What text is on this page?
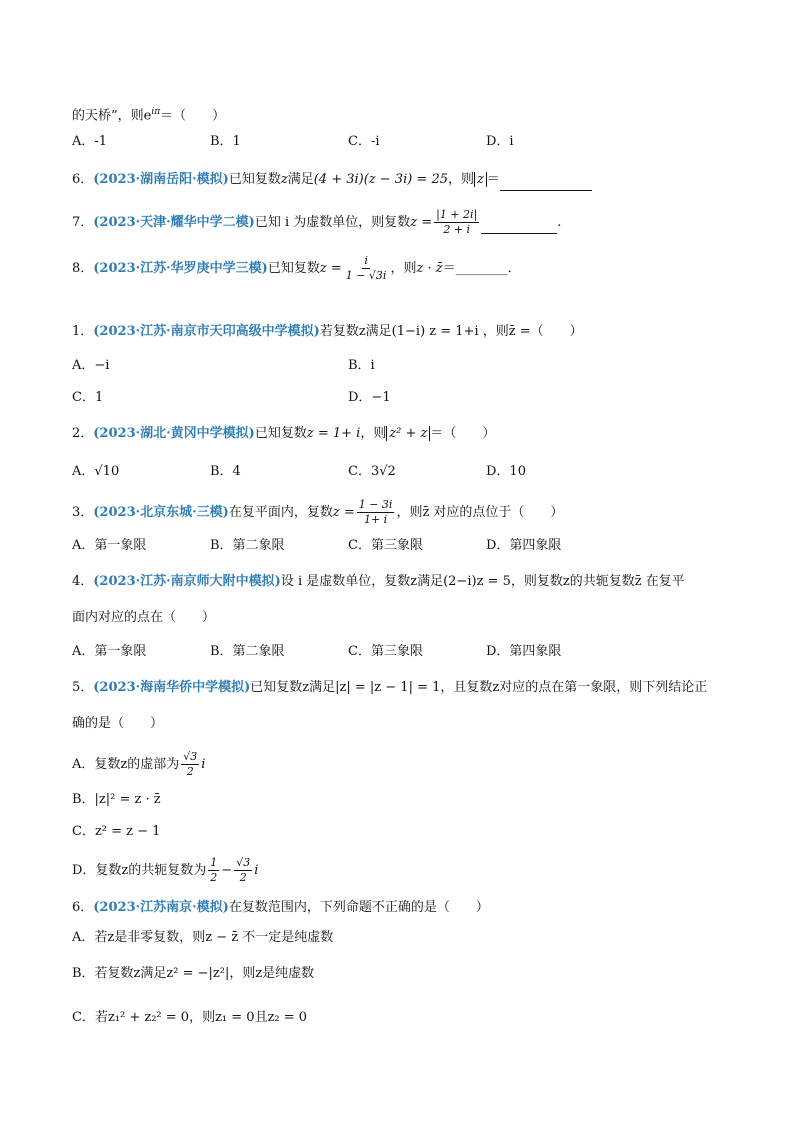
的天桥”，则$e^{i\pi}=$（　　）
A．-1	B．1	C．-i	D．i
6．(2023·湖南岳阳·模拟)已知复数z满足(4 + 3i)(z − 3i) = 25，则 z ＝
7．(2023·天津·耀华中学二模)已知 i 为虚数单位，则复数$z = \frac{|1 + 2i|}{2 + i}$	.
8．(2023·江苏·华罗庚中学三模)已知复数$z = \frac{i}{1 - √3i}$ ，则z · z̄＝________．
1．(2023·江苏·南京市天印高级中学模拟)若复数z满足(1−i) z = 1+i ，则z̄ =（　　）
A．−i	B．i
C．1	D．−1
2．(2023·湖北·黄冈中学模拟)已知复数z = 1+ i，则 z² + z ＝（　　）
A．√10	B．4	C．3√2	D．10
3．(2023·北京东城·三模)在复平面内，复数$z = \frac{1 - 3i}{1+ i}$ ，则z̄ 对应的点位于（　　）
A．第一象限	B．第二象限	C．第三象限	D．第四象限
4．(2023·江苏·南京师大附中模拟)设 i 是虚数单位，复数z满足(2−i)z = 5，则复数z的共轭复数z̄ 在复平
面内对应的点在（　　）
A．第一象限	B．第二象限	C．第三象限	D．第四象限
5．(2023·海南华侨中学模拟)已知复数z满足|z| = |z − 1| = 1，且复数z对应的点在第一象限，则下列结论正
确的是（　　）
A．复数z的虚部为 $\frac{√3}{2}$ i
B．|z|² = z · z̄
C．z² = z − 1
D．复数z的共轭复数为 $\frac{1}{2} - \frac{√3}{2}$ i
6．(2023·江苏南京·模拟)在复数范围内，下列命题不正确的是（　　）
A．若z是非零复数，则z − z̄ 不一定是纯虚数
B．若复数z满足z² = −|z²|，则z是纯虚数
C．若z₁² + z₂² = 0，则z₁ = 0且z₂ = 0
